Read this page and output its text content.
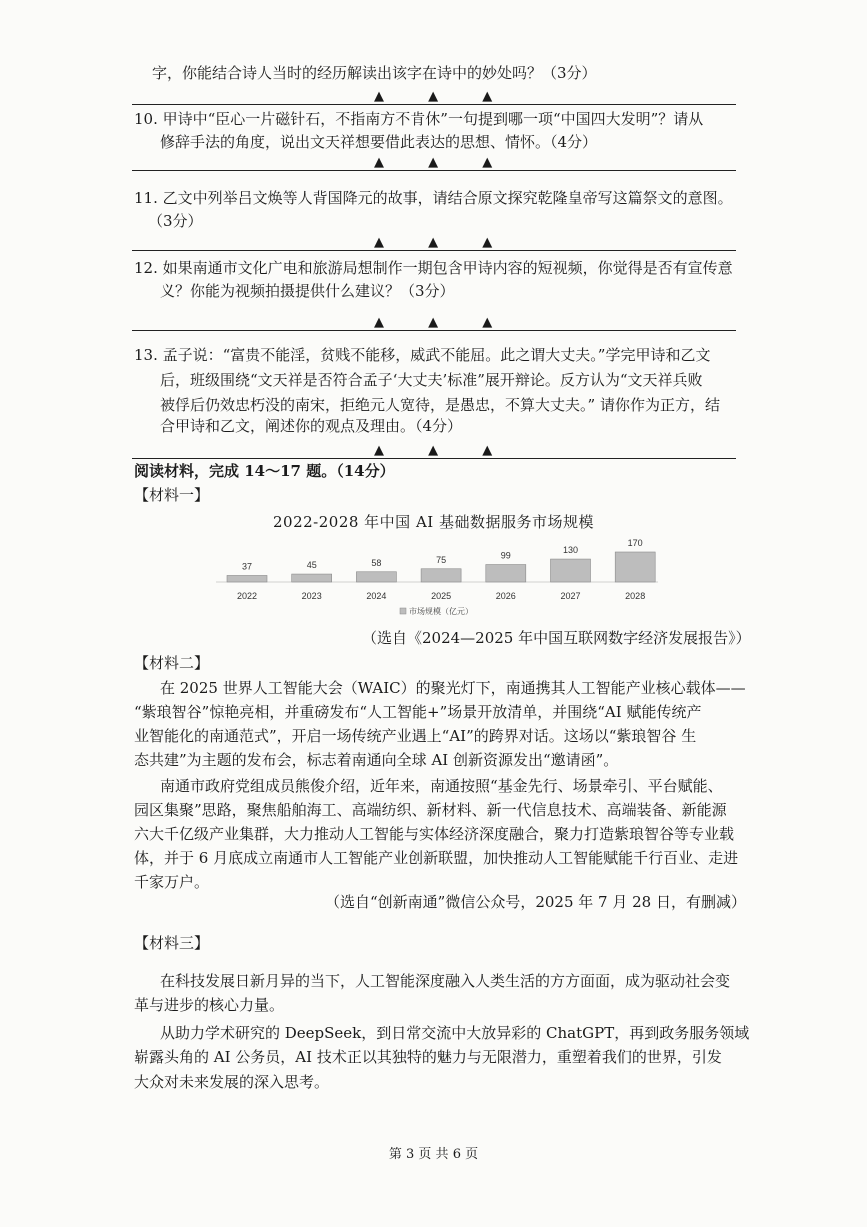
字，你能结合诗人当时的经历解读出该字在诗中的妙处吗？（3分）
▲ ▲ ▲
10. 甲诗中“臣心一片磁针石，不指南方不肯休”一句提到哪一项“中国四大发明”？请从
修辞手法的角度，说出文天祥想要借此表达的思想、情怀。（4分）
▲ ▲ ▲
11. 乙文中列举吕文焕等人背国降元的故事，请结合原文探究乾隆皇帝写这篇祭文的意图。
（3分）
▲ ▲ ▲
12. 如果南通市文化广电和旅游局想制作一期包含甲诗内容的短视频，你觉得是否有宣传意
义？你能为视频拍摄提供什么建议？（3分）
▲ ▲ ▲
13. 孟子说：“富贵不能淫，贫贱不能移，威武不能屈。此之谓大丈夫。”学完甲诗和乙文
后，班级围绕“文天祥是否符合孟子‘大丈夫’标准”展开辩论。反方认为“文天祥兵败
被俘后仍效忠朽没的南宋，拒绝元人宽待，是愚忠，不算大丈夫。” 请你作为正方，结
合甲诗和乙文，阐述你的观点及理由。（4分）
▲ ▲ ▲
阅读材料，完成 14～17 题。（14分）
【材料一】
2022-2028 年中国 AI 基础数据服务市场规模
37
2022
45
2023
58
2024
75
2025
99
2026
130
2027
170
2028
市场规模（亿元）
（选自《2024—2025 年中国互联网数字经济发展报告》）
【材料二】
在 2025 世界人工智能大会（WAIC）的聚光灯下，南通携其人工智能产业核心载体——
“紫琅智谷”惊艳亮相，并重磅发布“人工智能+”场景开放清单，并围绕“AI 赋能传统产
业智能化的南通范式”，开启一场传统产业遇上“AI”的跨界对话。这场以“紫琅智谷 生
态共建”为主题的发布会，标志着南通向全球 AI 创新资源发出“邀请函”。
南通市政府党组成员熊俊介绍，近年来，南通按照“基金先行、场景牵引、平台赋能、
园区集聚”思路，聚焦船舶海工、高端纺织、新材料、新一代信息技术、高端装备、新能源
六大千亿级产业集群，大力推动人工智能与实体经济深度融合，聚力打造紫琅智谷等专业载
体，并于 6 月底成立南通市人工智能产业创新联盟，加快推动人工智能赋能千行百业、走进
千家万户。
（选自“创新南通”微信公众号，2025 年 7 月 28 日，有删减）
【材料三】
在科技发展日新月异的当下，人工智能深度融入人类生活的方方面面，成为驱动社会变
革与进步的核心力量。
从助力学术研究的 DeepSeek，到日常交流中大放异彩的 ChatGPT，再到政务服务领域
崭露头角的 AI 公务员，AI 技术正以其独特的魅力与无限潜力，重塑着我们的世界，引发
大众对未来发展的深入思考。
第 3 页 共 6 页
